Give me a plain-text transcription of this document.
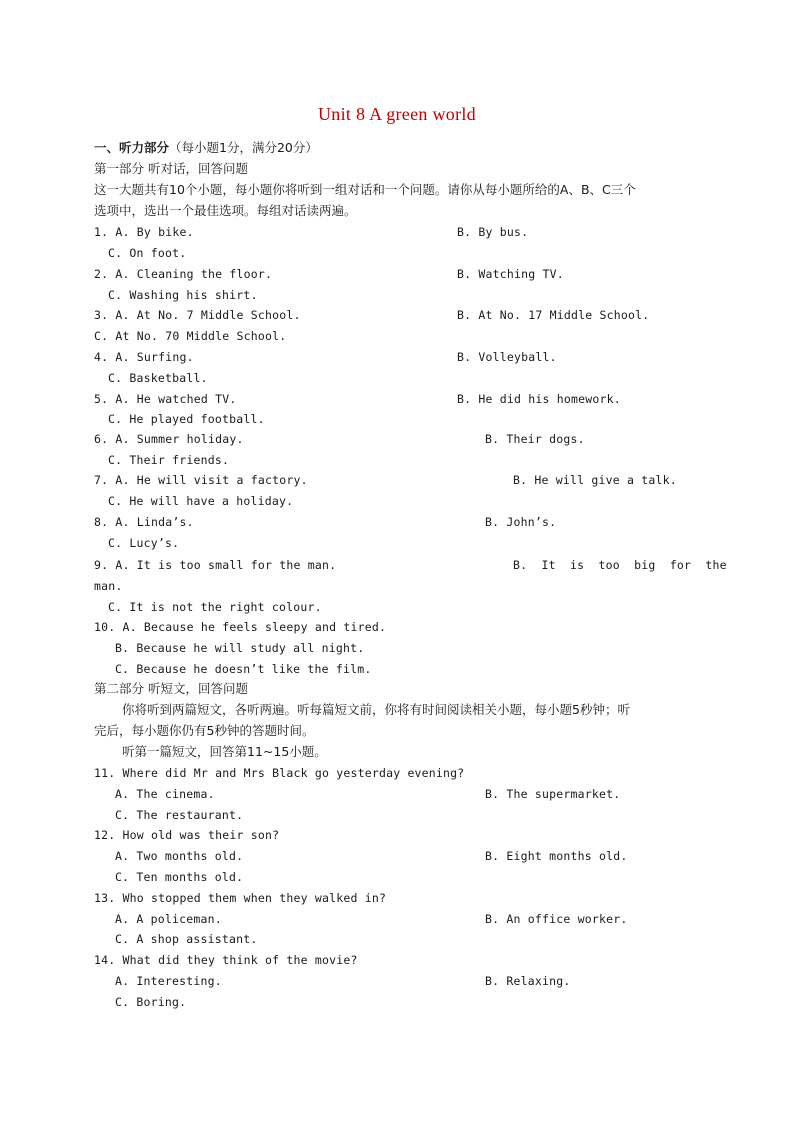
Unit 8 A green world
一、听力部分（每小题1分，满分20分）
第一部分 听对话，回答问题
这一大题共有10个小题，每小题你将听到一组对话和一个问题。请你从每小题所给的A、B、C三个
选项中，选出一个最佳选项。每组对话读两遍。
1. A. By bike.	B. By bus.
C. On foot.
2. A. Cleaning the floor.	B. Watching TV.
C. Washing his shirt.
3. A. At No. 7 Middle School.	B. At No. 17 Middle School.
C. At No. 70 Middle School.
4. A. Surfing.	B. Volleyball.
C. Basketball.
5. A. He watched TV.	B. He did his homework.
C. He played football.
6. A. Summer holiday.	B. Their dogs.
C. Their friends.
7. A. He will visit a factory.	B. He will give a talk.
C. He will have a holiday.
8. A. Linda’s.	B. John’s.
C. Lucy’s.
9. A. It is too small for the man.	B.  It  is  too  big  for  the
man.
C. It is not the right colour.
10. A. Because he feels sleepy and tired.
B. Because he will study all night.
C. Because he doesn’t like the film.
第二部分 听短文，回答问题
你将听到两篇短文，各听两遍。听每篇短文前，你将有时间阅读相关小题，每小题5秒钟；听
完后，每小题你仍有5秒钟的答题时间。
听第一篇短文，回答第11~15小题。
11. Where did Mr and Mrs Black go yesterday evening?
A. The cinema.	B. The supermarket.
C. The restaurant.
12. How old was their son?
A. Two months old.	B. Eight months old.
C. Ten months old.
13. Who stopped them when they walked in?
A. A policeman.	B. An office worker.
C. A shop assistant.
14. What did they think of the movie?
A. Interesting.	B. Relaxing.
C. Boring.
